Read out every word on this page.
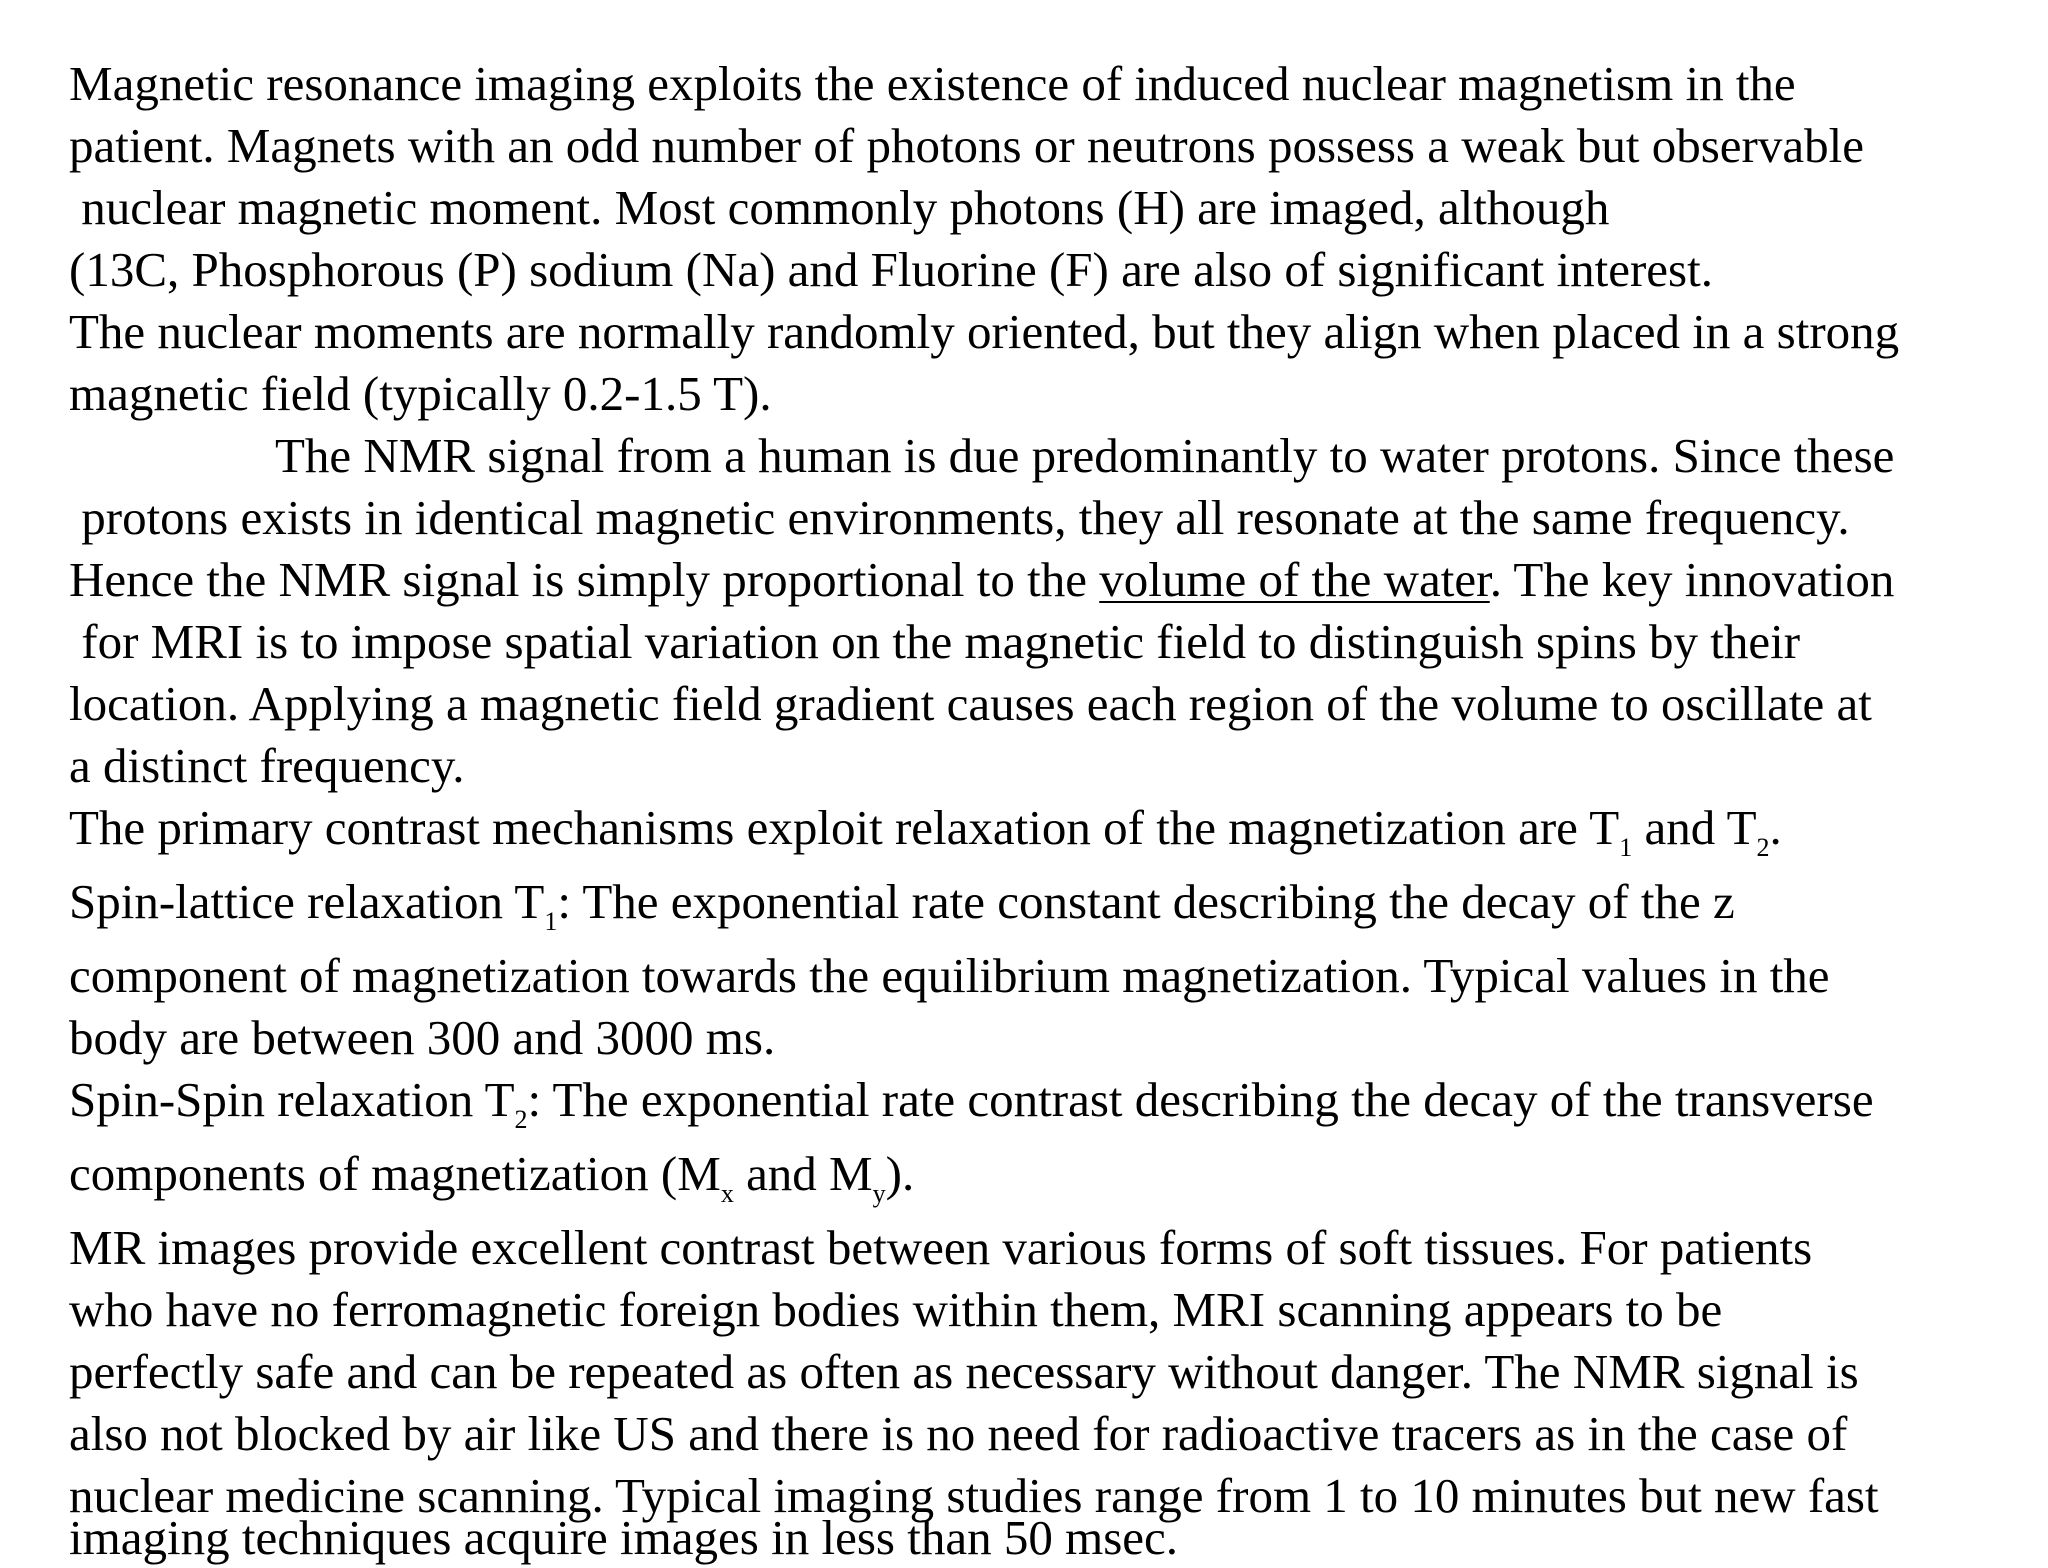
Magnetic resonance imaging exploits the existence of induced nuclear magnetism in the
patient. Magnets with an odd number of photons or neutrons possess a weak but observable
nuclear magnetic moment. Most commonly photons (H) are imaged, although
(13C, Phosphorous (P) sodium (Na) and Fluorine (F) are also of significant interest.
The nuclear moments are normally randomly oriented, but they align when placed in a strong
magnetic field (typically 0.2-1.5 T).
The NMR signal from a human is due predominantly to water protons. Since these
protons exists in identical magnetic environments, they all resonate at the same frequency.
Hence the NMR signal is simply proportional to the volume of the water. The key innovation
for MRI is to impose spatial variation on the magnetic field to distinguish spins by their
location. Applying a magnetic field gradient causes each region of the volume to oscillate at
a distinct frequency.
The primary contrast mechanisms exploit relaxation of the magnetization are $T_1$ and $T_2$.
Spin-lattice relaxation $T_1$: The exponential rate constant describing the decay of the z
component of magnetization towards the equilibrium magnetization. Typical values in the
body are between 300 and 3000 ms.
Spin-Spin relaxation $T_2$: The exponential rate contrast describing the decay of the transverse
components of magnetization ($M_x$ and $M_y$).
MR images provide excellent contrast between various forms of soft tissues. For patients
who have no ferromagnetic foreign bodies within them, MRI scanning appears to be
perfectly safe and can be repeated as often as necessary without danger. The NMR signal is
also not blocked by air like US and there is no need for radioactive tracers as in the case of
nuclear medicine scanning. Typical imaging studies range from 1 to 10 minutes but new fast
imaging techniques acquire images in less than 50 msec.
